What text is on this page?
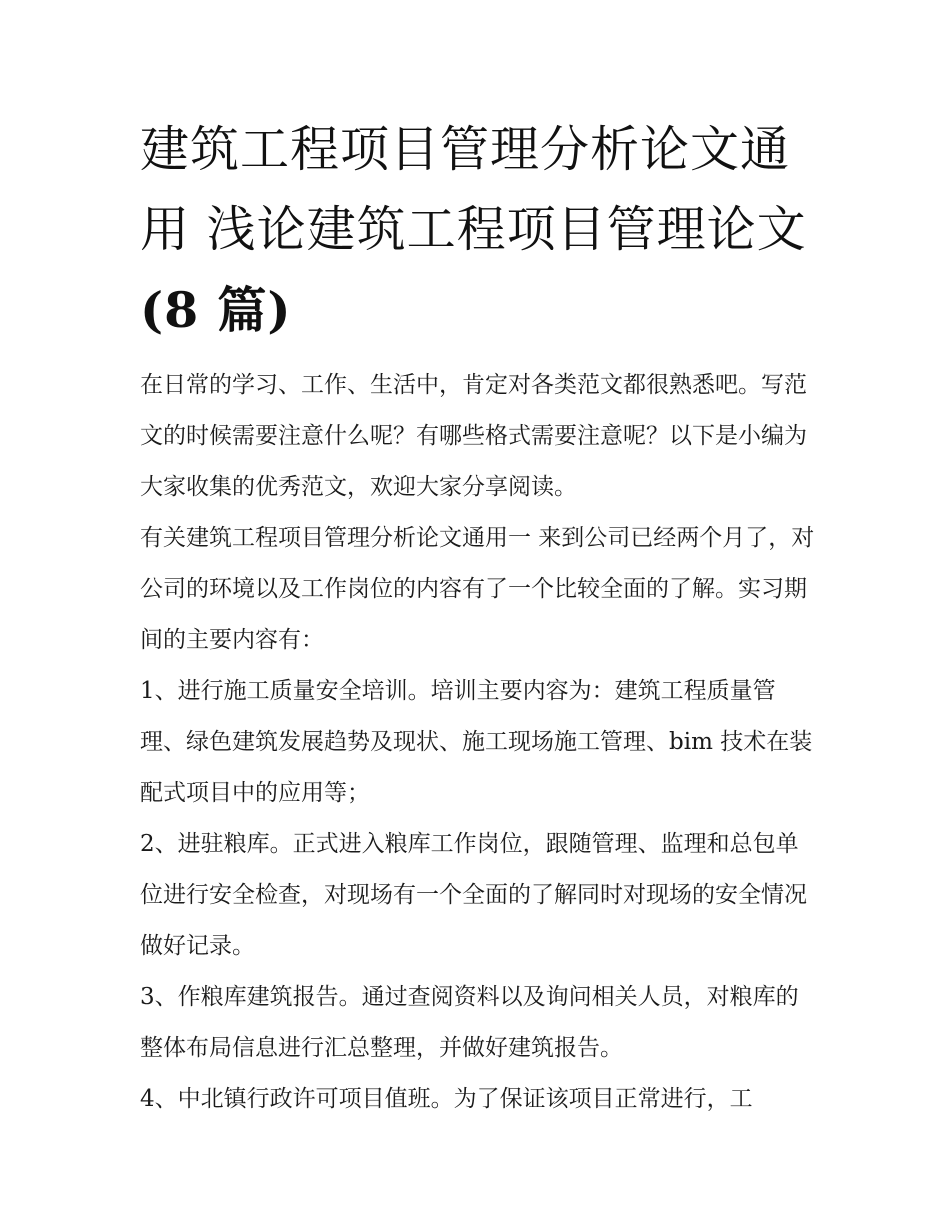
建筑工程项目管理分析论文通
用 浅论建筑工程项目管理论文
(8 篇)

在日常的学习、工作、生活中，肯定对各类范文都很熟悉吧。写范文的时候需要注意什么呢？有哪些格式需要注意呢？以下是小编为大家收集的优秀范文，欢迎大家分享阅读。

有关建筑工程项目管理分析论文通用一 来到公司已经两个月了，对公司的环境以及工作岗位的内容有了一个比较全面的了解。实习期间的主要内容有：

1、进行施工质量安全培训。培训主要内容为：建筑工程质量管理、绿色建筑发展趋势及现状、施工现场施工管理、bim 技术在装配式项目中的应用等；

2、进驻粮库。正式进入粮库工作岗位，跟随管理、监理和总包单位进行安全检查，对现场有一个全面的了解同时对现场的安全情况做好记录。

3、作粮库建筑报告。通过查阅资料以及询问相关人员，对粮库的整体布局信息进行汇总整理，并做好建筑报告。

4、中北镇行政许可项目值班。为了保证该项目正常进行，工
